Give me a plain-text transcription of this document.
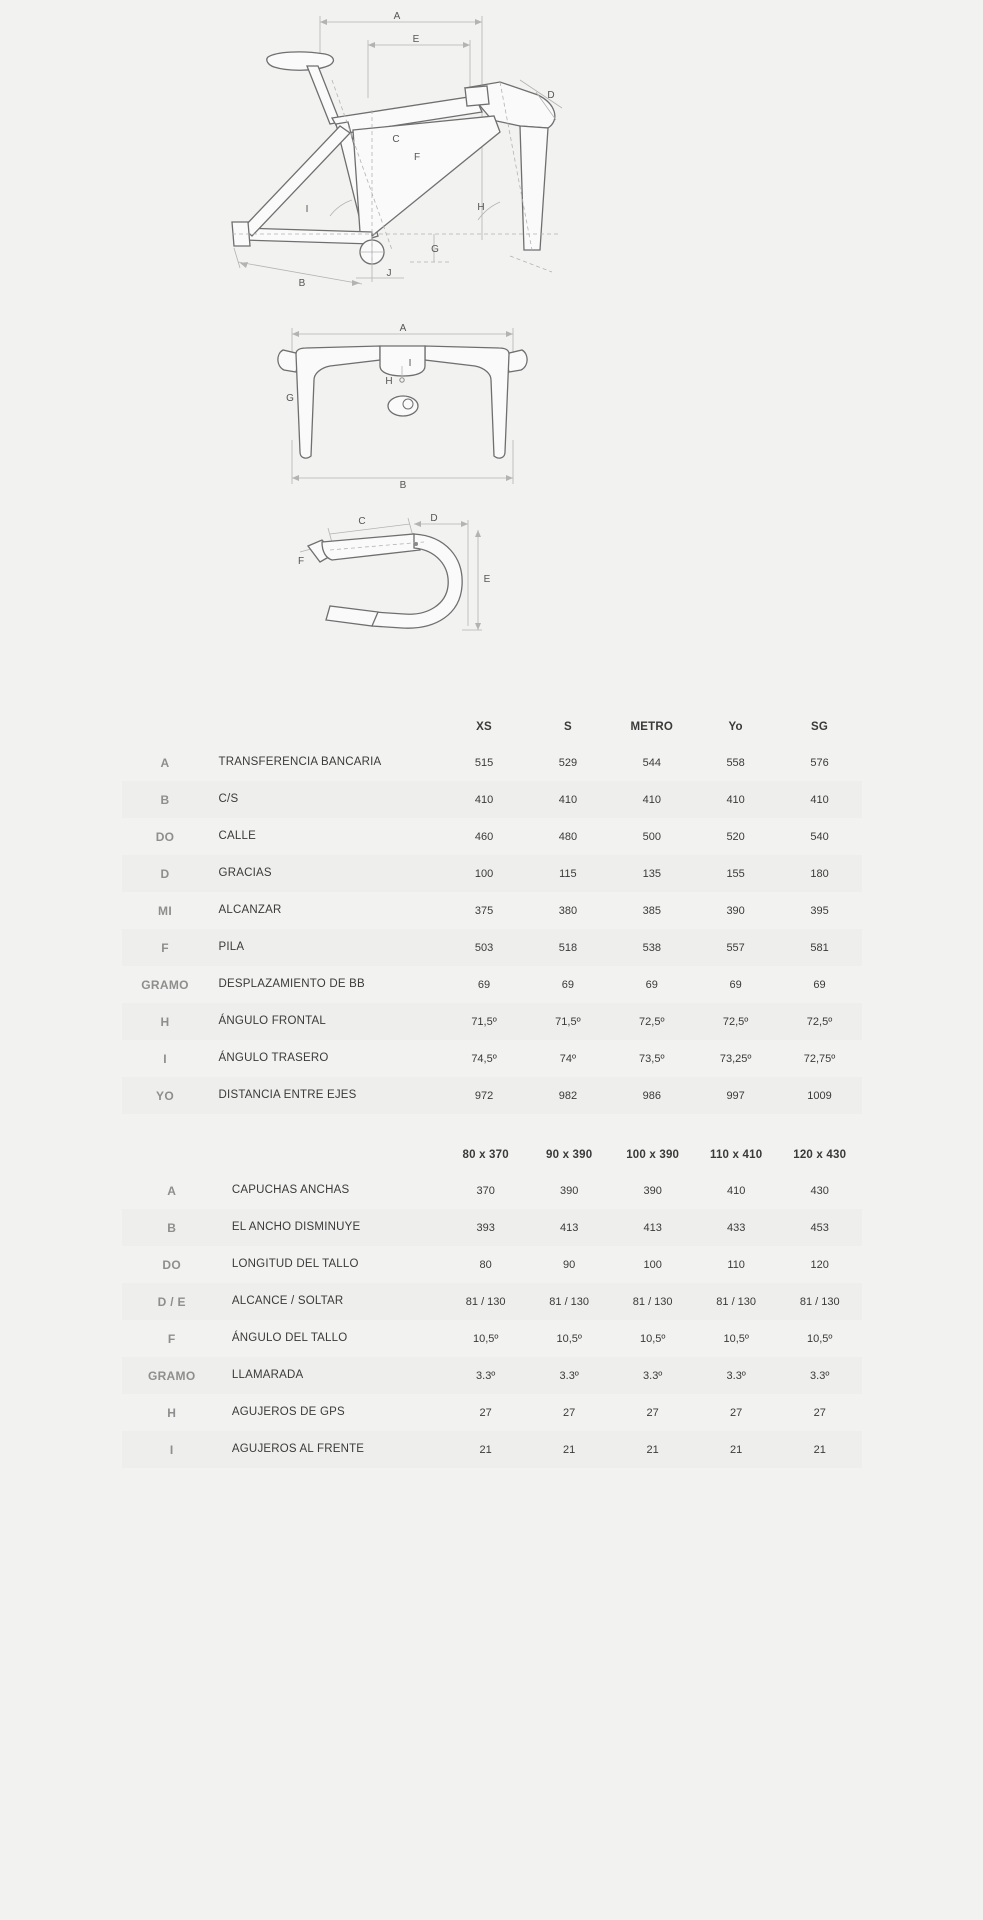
A
E
D
C
F
I	H
G
J
B
A
I
H
G
B
C	D
E
F
		XS	S	METRO	Yo	SG
A	TRANSFERENCIA BANCARIA	515	529	544	558	576
B	C/S	410	410	410	410	410
DO	CALLE	460	480	500	520	540
D	GRACIAS	100	115	135	155	180
MI	ALCANZAR	375	380	385	390	395
F	PILA	503	518	538	557	581
GRAMO	DESPLAZAMIENTO DE BB	69	69	69	69	69
H	ÁNGULO FRONTAL	71,5º	71,5º	72,5º	72,5º	72,5º
I	ÁNGULO TRASERO	74,5º	74º	73,5º	73,25º	72,75º
YO	DISTANCIA ENTRE EJES	972	982	986	997	1009
		80 x 370	90 x 390	100 x 390	110 x 410	120 x 430
A	CAPUCHAS ANCHAS	370	390	390	410	430
B	EL ANCHO DISMINUYE	393	413	413	433	453
DO	LONGITUD DEL TALLO	80	90	100	110	120
D / E	ALCANCE / SOLTAR	81 / 130	81 / 130	81 / 130	81 / 130	81 / 130
F	ÁNGULO DEL TALLO	10,5º	10,5º	10,5º	10,5º	10,5º
GRAMO	LLAMARADA	3.3º	3.3º	3.3º	3.3º	3.3º
H	AGUJEROS DE GPS	27	27	27	27	27
I	AGUJEROS AL FRENTE	21	21	21	21	21
